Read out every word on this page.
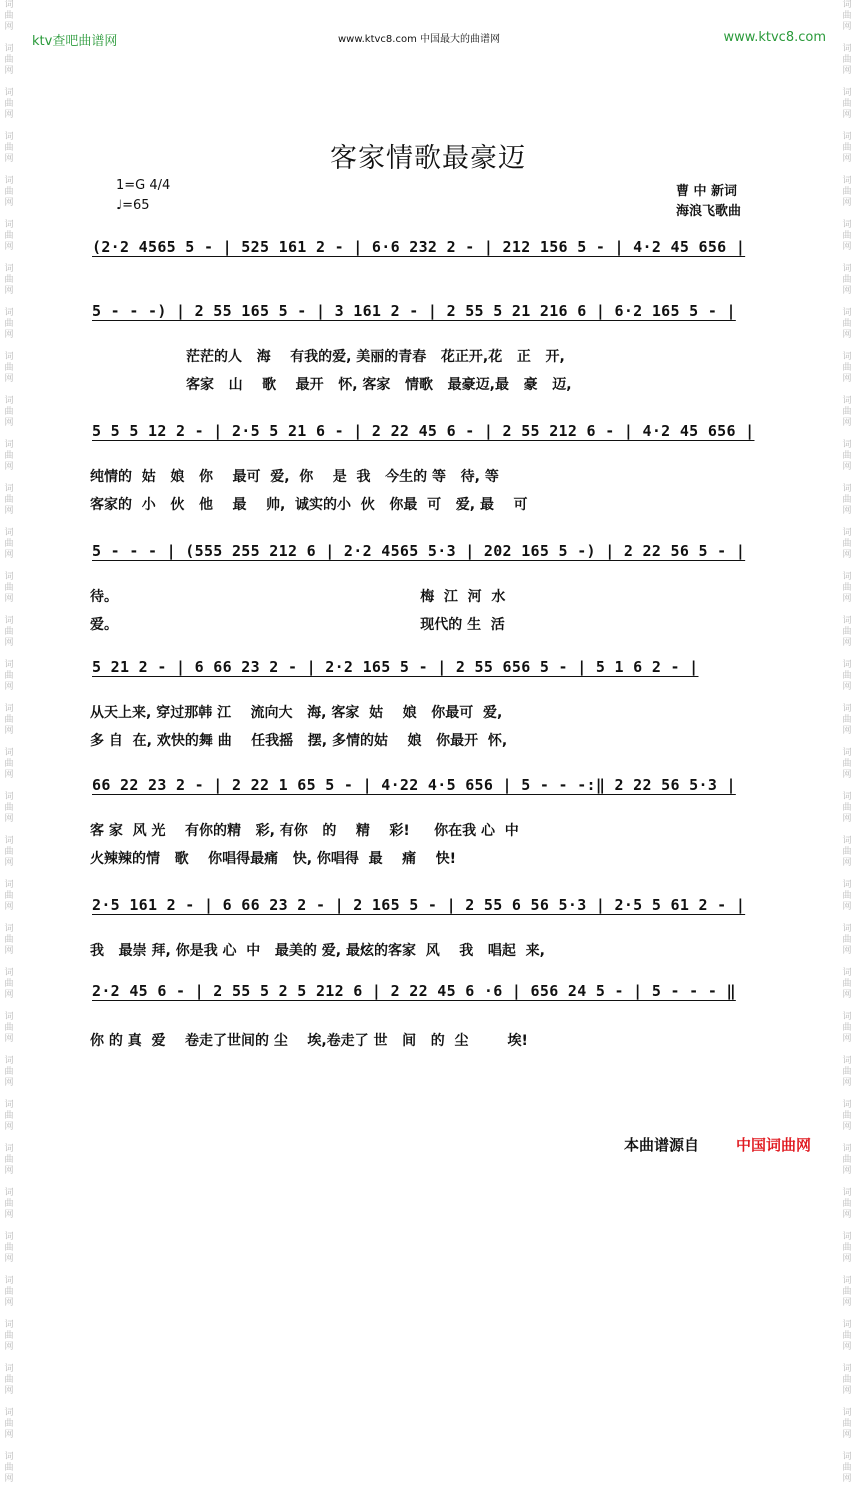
ktv查吧曲谱网	www.ktvc8.com 中国最大的曲谱网	www.ktvc8.com
词
曲
网

词
曲
网

词
曲
网

词
曲
网

词
曲
网

词
曲
网

词
曲
网

词
曲
网

词
曲
网

词
曲
网

词
曲
网

词
曲
网

词
曲
网

词
曲
网

词
曲
网

词
曲
网

词
曲
网

词
曲
网

词
曲
网

词
曲
网

词
曲
网

词
曲
网

词
曲
网

词
曲
网

词
曲
网

词
曲
网

词
曲
网

词
曲
网

词
曲
网

词
曲
网

词
曲
网

词
曲
网

词
曲
网

词
曲
网

词
曲
网

词
曲
网

词
曲
网

词
曲
网

词
曲
网

词
曲
网

词
曲
网

词
曲
网

词
曲
网

词
曲
网

词
曲
网

词
曲
网

词
曲
网

词
曲
网

词
曲
网

词
曲
网

词
曲
网

词
曲
网

词
曲
网

词
曲
网

词
曲
网

词
曲
网

词
曲
网

词
曲
网

词
曲
网

词
曲
网

词
曲
网

词
曲
网

词
曲
网

词
曲
网

词
曲
网

词
曲
网

词
曲
网

词
曲
网

客家情歌最豪迈
1=G 4/4
♩=65
曹 中 新词
海浪飞歌曲
(2·2 4565 5 - | 525 161 2 - | 6·6 232 2 - | 212 156 5 - | 4·2 45 656 |
5 - - -) | 2 55 165 5 - | 3 161 2 - | 2 55 5 21 216 6 | 6·2 165 5 - |
茫茫的人   海    有我的爱, 美丽的青春   花正开,花   正   开,
客家   山    歌    最开   怀, 客家   情歌   最豪迈,最   豪   迈,
5 5 5 12 2 - | 2·5 5 21 6 - | 2 22 45 6 - | 2 55 212 6 - | 4·2 45 656 |
纯情的  姑   娘   你    最可  爱,  你    是  我   今生的 等   待, 等
客家的  小   伙   他    最    帅,  诚实的小  伙   你最  可   爱, 最    可
5 - - - | (555 255 212 6 | 2·2 4565 5·3 | 202 165 5 -) | 2 22 56 5 - |
待。                                                              梅  江  河  水
爱。                                                              现代的 生  活
5 21 2 - | 6 66 23 2 - | 2·2 165 5 - | 2 55 656 5 - | 5 1 6 2 - |
从天上来, 穿过那韩 江    流向大   海, 客家  姑    娘   你最可  爱,
多 自  在, 欢快的舞 曲    任我摇   摆, 多情的姑    娘   你最开  怀,
66 22 23 2 - | 2 22 1 65 5 - | 4·22 4·5 656 | 5 - - -:‖ 2 22 56 5·3 |
客 家  风 光    有你的精   彩, 有你   的    精    彩!     你在我 心  中
火辣辣的情   歌    你唱得最痛   快, 你唱得  最    痛    快!
2·5 161 2 - | 6 66 23 2 - | 2 165 5 - | 2 55 6 56 5·3 | 2·5 5 61 2 - |
我   最崇 拜, 你是我 心  中   最美的 爱, 最炫的客家  风    我   唱起  来,
2·2 45 6 - | 2 55 5 2 5 212 6 | 2 22 45 6 ·6 | 656 24 5 - | 5 - - - ‖
你 的 真  爱    卷走了世间的 尘    埃,卷走了 世   间   的  尘        埃!
本曲谱源自 中国词曲网
